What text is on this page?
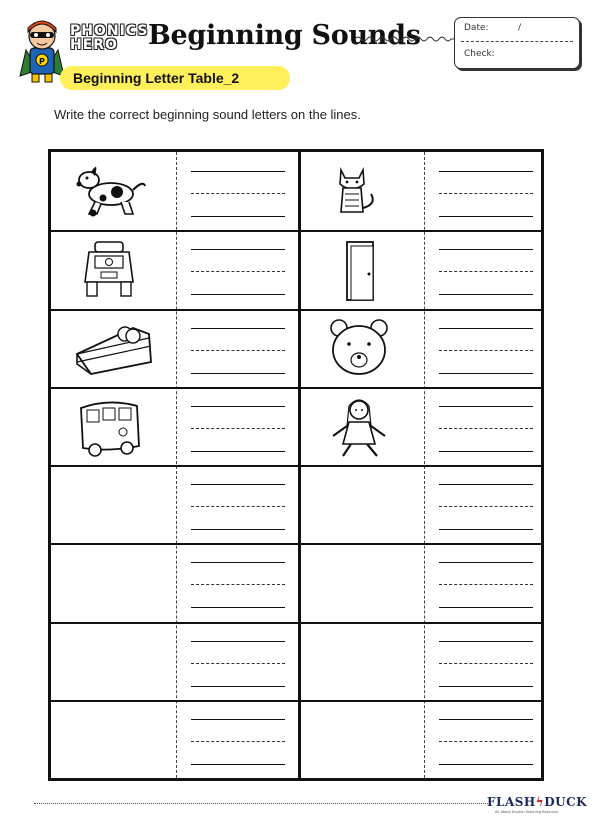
P
PHONICS
HERO	Beginning Sounds	Date:	/
Check:
Beginning Letter Table_2
Write the correct beginning sound letters on the lines.
FLASHϟDUCK
All About English Teaching Resource
